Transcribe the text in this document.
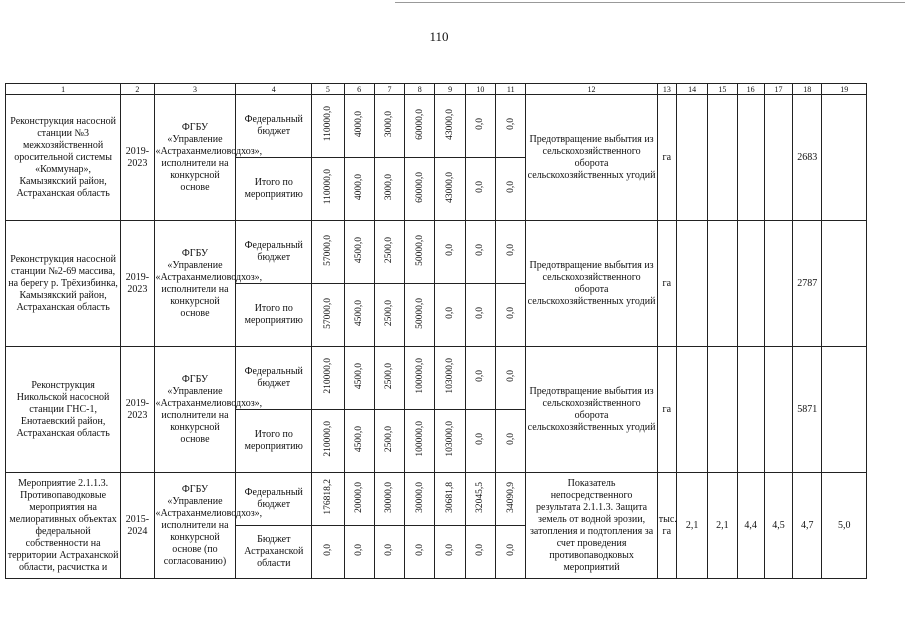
110
1	2	3	4	5	6	7	8	9	10	11	12	13	14	15	16	17	18	19
Реконструкция насосной станции №3 межхозяйственной оросительной системы «Коммунар», Камызякский район, Астраханская область	2019-2023	ФГБУ «Управление «Астраханмелиоводхоз», исполнители на конкурсной основе	Федеральный бюджет	110000,0	4000,0	3000,0	60000,0	43000,0	0,0	0,0	Предотвращение выбытия из сельскохозяйственного оборота сельскохозяйственных угодий	га					2683	
			Итого по мероприятию	110000,0	4000,0	3000,0	60000,0	43000,0	0,0	0,0								
Реконструкция насосной станции №2-69 массива, на берегу р. Трёхизбинка, Камызякский район, Астраханская область	2019-2023	ФГБУ «Управление «Астраханмелиоводхоз», исполнители на конкурсной основе	Федеральный бюджет	57000,0	4500,0	2500,0	50000,0	0,0	0,0	0,0	Предотвращение выбытия из сельскохозяйственного оборота сельскохозяйственных угодий	га					2787	
			Итого по мероприятию	57000,0	4500,0	2500,0	50000,0	0,0	0,0	0,0								
Реконструкция Никольской насосной станции ГНС-1, Енотаевский район, Астраханская область	2019-2023	ФГБУ «Управление «Астраханмелиоводхоз», исполнители на конкурсной основе	Федеральный бюджет	210000,0	4500,0	2500,0	100000,0	103000,0	0,0	0,0	Предотвращение выбытия из сельскохозяйственного оборота сельскохозяйственных угодий	га					5871	
			Итого по мероприятию	210000,0	4500,0	2500,0	100000,0	103000,0	0,0	0,0								
Мероприятие 2.1.1.3. Противопаводковые мероприятия на мелиоративных объектах федеральной собственности на территории Астраханской области, расчистка и	2015-2024	ФГБУ «Управление «Астраханмелиоводхоз», исполнители на конкурсной основе (по согласованию)	Федеральный бюджет	176818,2	20000,0	30000,0	30000,0	30681,8	32045,5	34090,9	Показатель непосредственного результата 2.1.1.3. Защита земель от водной эрозии, затопления и подтопления за счет проведения противопаводковых мероприятий	тыс. га	2,1	2,1	4,4	4,5	4,7	5,0
			Бюджет Астраханской области	0,0	0,0	0,0	0,0	0,0	0,0	0,0								
